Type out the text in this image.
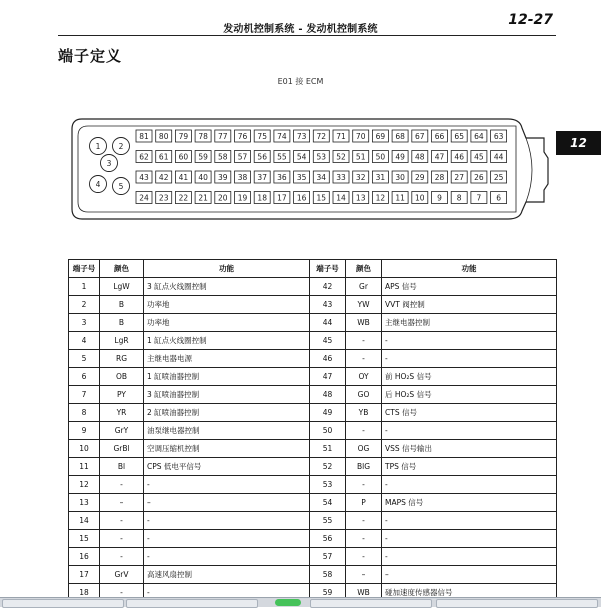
发动机控制系统 - 发动机控制系统
12-27
端子定义
E01 接 ECM
12
1 2
3
4 5
81 80 79 78 77 76 75 74 73 72 71 70 69 68 67 66 65 64 63
62 61 60 59 58 57 56 55 54 53 52 51 50 49 48 47 46 45 44
43 42 41 40 39 38 37 36 35 34 33 32 31 30 29 28 27 26 25
24 23 22 21 20 19 18 17 16 15 14 13 12 11 10 9 8 7 6
端子号	颜色	功能	端子号	颜色	功能
1	LgW	3 缸点火线圈控制	42	Gr	APS 信号
2	B	功率地	43	YW	VVT 阀控制
3	B	功率地	44	WB	主继电器控制
4	LgR	1 缸点火线圈控制	45	-	-
5	RG	主继电器电源	46	-	-
6	OB	1 缸喷油器控制	47	OY	前 HO₂S 信号
7	PY	3 缸喷油器控制	48	GO	后 HO₂S 信号
8	YR	2 缸喷油器控制	49	YB	CTS 信号
9	GrY	油泵继电器控制	50	-	-
10	GrBl	空调压缩机控制	51	OG	VSS 信号输出
11	Bl	CPS 低电平信号	52	BlG	TPS 信号
12	-	-	53	-	-
13	–	–	54	P	MAPS 信号
14	-	-	55	-	-
15	-	-	56	-	-
16	-	-	57	-	-
17	GrV	高速风扇控制	58	–	–
18	-	-	59	WB	碰加速度传感器信号
